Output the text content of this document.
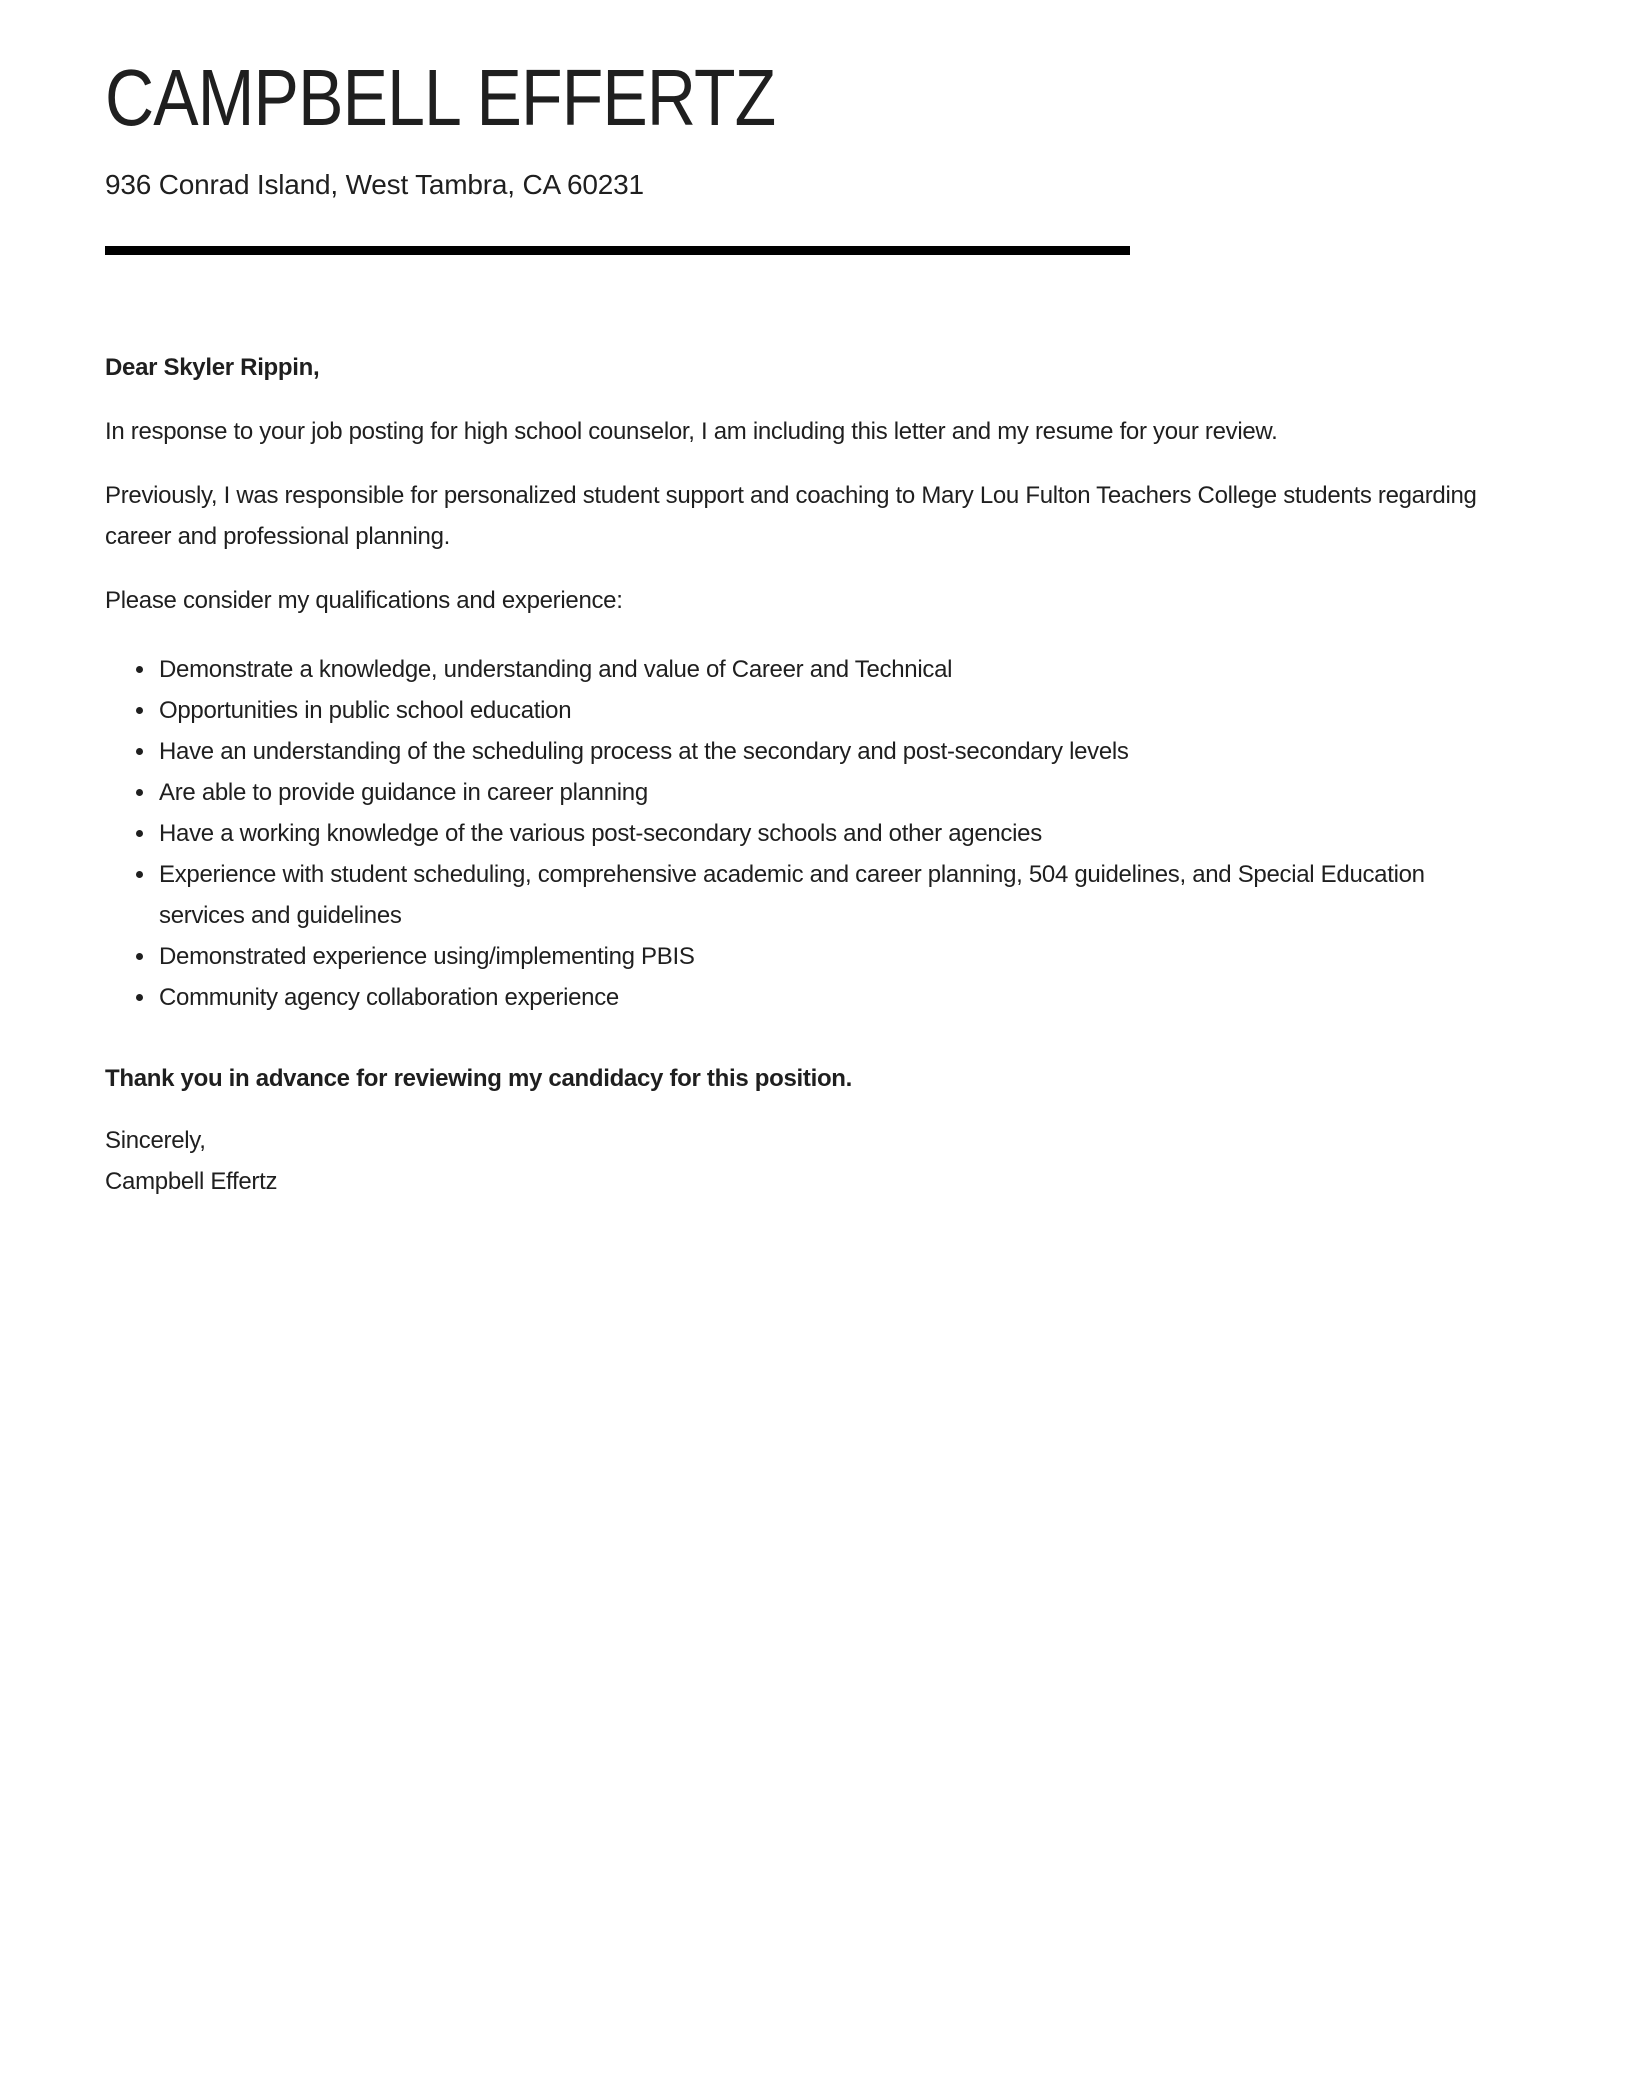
CAMPBELL EFFERTZ

936 Conrad Island, West Tambra, CA 60231

Dear Skyler Rippin,

In response to your job posting for high school counselor, I am including this letter and my resume for your review.

Previously, I was responsible for personalized student support and coaching to Mary Lou Fulton Teachers College students regarding career and professional planning.

Please consider my qualifications and experience:

• Demonstrate a knowledge, understanding and value of Career and Technical
• Opportunities in public school education
• Have an understanding of the scheduling process at the secondary and post-secondary levels
• Are able to provide guidance in career planning
• Have a working knowledge of the various post-secondary schools and other agencies
• Experience with student scheduling, comprehensive academic and career planning, 504 guidelines, and Special Education services and guidelines
• Demonstrated experience using/implementing PBIS
• Community agency collaboration experience

Thank you in advance for reviewing my candidacy for this position.

Sincerely,

Campbell Effertz
